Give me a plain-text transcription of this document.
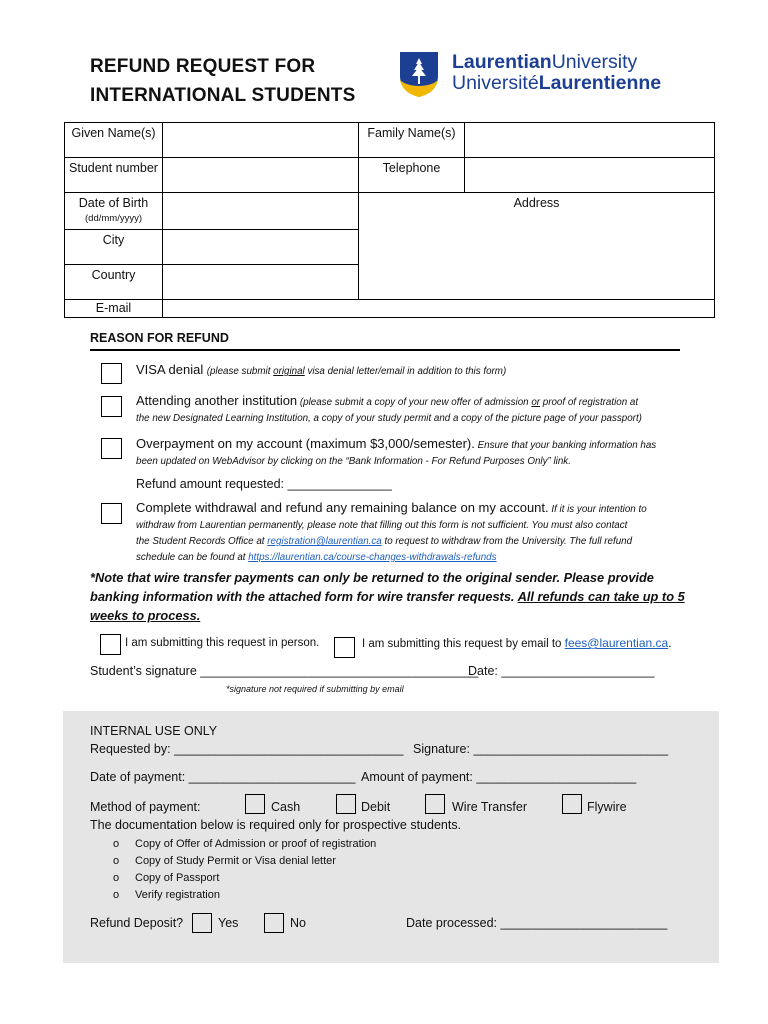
REFUND REQUEST FOR
INTERNATIONAL STUDENTS
LaurentianUniversity
UniversitéLaurentienne
Given Name(s)		Family Name(s)	
Student number		Telephone	
Date of Birth
(dd/mm/yyyy)		Address	
City			
Country			
E-mail			
REASON FOR REFUND
VISA denial (please submit original visa denial letter/email in addition to this form)
Attending another institution (please submit a copy of your new offer of admission or proof of registration at
the new Designated Learning Institution, a copy of your study permit and a copy of the picture page of your passport)
Overpayment on my account (maximum $3,000/semester). Ensure that your banking information has
been updated on WebAdvisor by clicking on the “Bank Information - For Refund Purposes Only” link.
Refund amount requested: _______________
Complete withdrawal and refund any remaining balance on my account. If it is your intention to
withdraw from Laurentian permanently, please note that filling out this form is not sufficient. You must also contact
the Student Records Office at registration@laurentian.ca to request to withdraw from the University. The full refund
schedule can be found at https://laurentian.ca/course-changes-withdrawals-refunds
*Note that wire transfer payments can only be returned to the original sender. Please provide banking information with the attached form for wire transfer requests. All refunds can take up to 5 weeks to process.
I am submitting this request in person.	I am submitting this request by email to fees@laurentian.ca.
Student’s signature ________________________________________
Date: ______________________
*signature not required if submitting by email
INTERNAL USE ONLY
Requested by: _________________________________ Signature: ____________________________
Date of payment: ________________________ Amount of payment: _______________________
Method of payment:	Cash	Debit	Wire Transfer	Flywire
The documentation below is required only for prospective students.
o Copy of Offer of Admission or proof of registration
o Copy of Study Permit or Visa denial letter
o Copy of Passport
o Verify registration
Refund Deposit?	Yes	No	Date processed: ________________________
